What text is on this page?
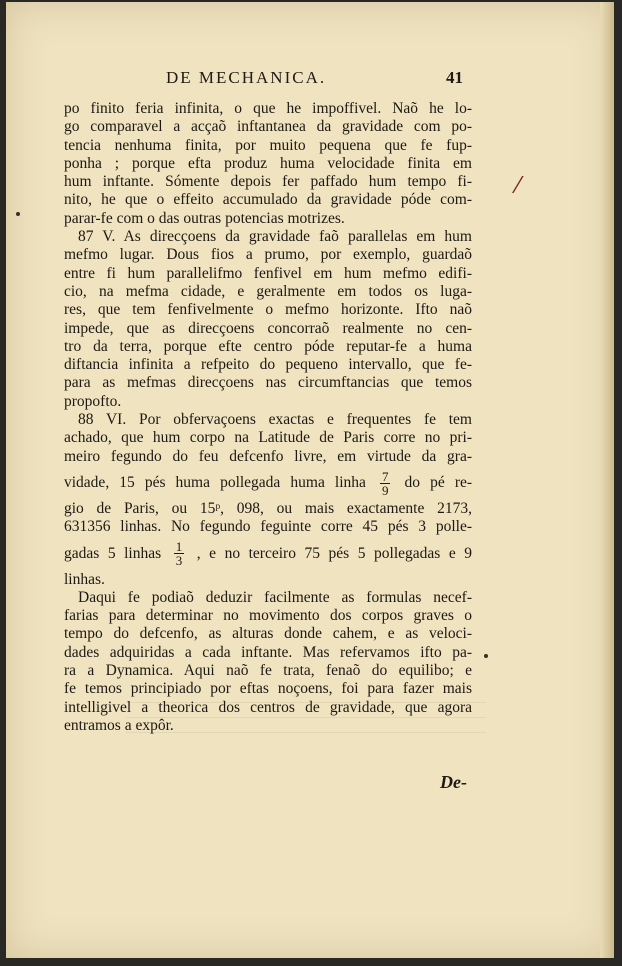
DE MECHANICA.	41
po finito feria infinita, o que he impoffivel. Naõ he lo-
go comparavel a acçaõ inftantanea da gravidade com po-
tencia nenhuma finita, por muito pequena que fe fup-
ponha ; porque efta produz huma velocidade finita em
hum inftante. Sómente depois fer paffado hum tempo fi-
nito, he que o effeito accumulado da gravidade póde com-
parar-fe com o das outras potencias motrizes.
87 V. As direcçoens da gravidade faõ parallelas em hum
mefmo lugar. Dous fios a prumo, por exemplo, guardaõ
entre fi hum parallelifmo fenfivel em hum mefmo edifi-
cio, na mefma cidade, e geralmente em todos os luga-
res, que tem fenfivelmente o mefmo horizonte. Ifto naõ
impede, que as direcçoens concorraõ realmente no cen-
tro da terra, porque efte centro póde reputar-fe a huma
diftancia infinita a refpeito do pequeno intervallo, que fe-
para as mefmas direcçoens nas circumftancias que temos
propofto.
88 VI. Por obfervaçoens exactas e frequentes fe tem
achado, que hum corpo na Latitude de Paris corre no pri-
meiro fegundo do feu defcenfo livre, em virtude da gra-
vidade, 15 pés huma pollegada huma linha $\frac{7}{9}$ do pé re-
gio de Paris, ou 15ᵖ, 098, ou mais exactamente 2173,
631356 linhas. No fegundo feguinte corre 45 pés 3 polle-
gadas 5 linhas $\frac{1}{3}$ , e no terceiro 75 pés 5 pollegadas e 9
linhas.
Daqui fe podiaõ deduzir facilmente as formulas necef-
farias para determinar no movimento dos corpos graves o
tempo do defcenfo, as alturas donde cahem, e as veloci-
dades adquiridas a cada inftante. Mas refervamos ifto pa-
ra a Dynamica. Aqui naõ fe trata, fenaõ do equilibo; e
fe temos principiado por eftas noçoens, foi para fazer mais
intelligivel a theorica dos centros de gravidade, que agora
entramos a expôr.
De-
⁄
